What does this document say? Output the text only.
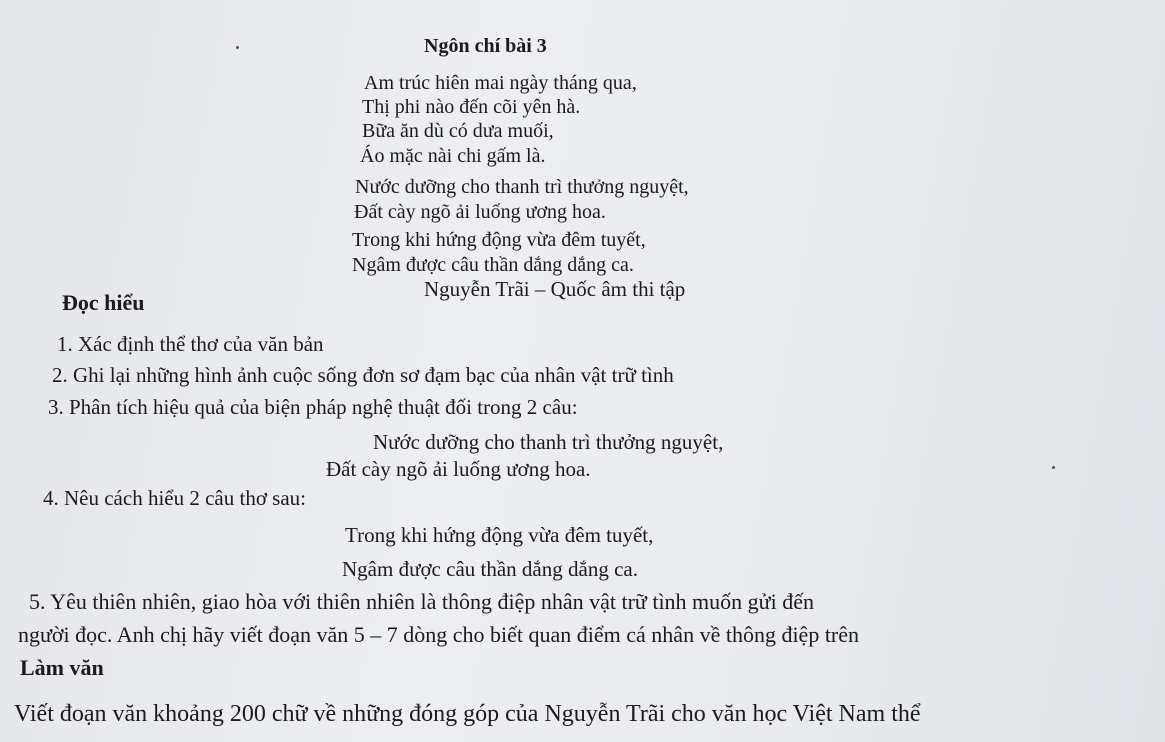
Ngôn chí bài 3
Am trúc hiên mai ngày tháng qua,
Thị phi nào đến cõi yên hà.
Bữa ăn dù có dưa muối,
Áo mặc nài chi gấm là.
Nước dưỡng cho thanh trì thưởng nguyệt,
Đất cày ngõ ải luống ương hoa.
Trong khi hứng động vừa đêm tuyết,
Ngâm được câu thần dắng dắng ca.
Nguyễn Trãi – Quốc âm thi tập
Đọc hiểu
1. Xác định thể thơ của văn bản
2. Ghi lại những hình ảnh cuộc sống đơn sơ đạm bạc của nhân vật trữ tình
3. Phân tích hiệu quả của biện pháp nghệ thuật đối trong 2 câu:
Nước dưỡng cho thanh trì thưởng nguyệt,
Đất cày ngõ ải luống ương hoa.
4. Nêu cách hiểu 2 câu thơ sau:
Trong khi hứng động vừa đêm tuyết,
Ngâm được câu thần dắng dắng ca.
5. Yêu thiên nhiên, giao hòa với thiên nhiên là thông điệp nhân vật trữ tình muốn gửi đến
người đọc. Anh chị hãy viết đoạn văn 5 – 7 dòng cho biết quan điểm cá nhân về thông điệp trên
Làm văn
Viết đoạn văn khoảng 200 chữ về những đóng góp của Nguyễn Trãi cho văn học Việt Nam thể
